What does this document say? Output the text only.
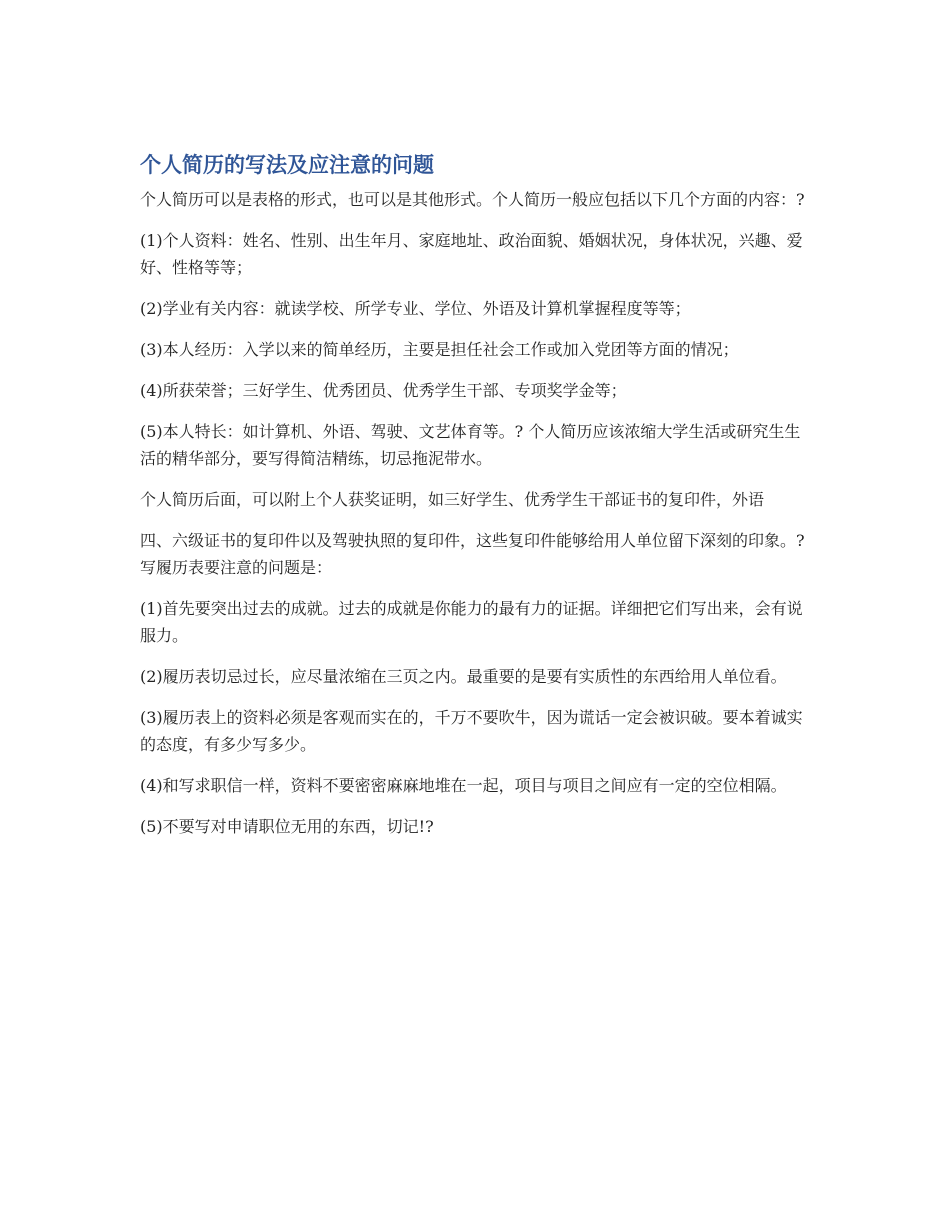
个人简历的写法及应注意的问题

个人简历可以是表格的形式，也可以是其他形式。个人简历一般应包括以下几个方面的内容：?

(1)个人资料：姓名、性别、出生年月、家庭地址、政治面貌、婚姻状况，身体状况，兴趣、爱好、性格等等；

(2)学业有关内容：就读学校、所学专业、学位、外语及计算机掌握程度等等；

(3)本人经历：入学以来的简单经历，主要是担任社会工作或加入党团等方面的情况；

(4)所获荣誉；三好学生、优秀团员、优秀学生干部、专项奖学金等；

(5)本人特长：如计算机、外语、驾驶、文艺体育等。? 个人简历应该浓缩大学生活或研究生生活的精华部分，要写得简洁精练，切忌拖泥带水。

个人简历后面，可以附上个人获奖证明，如三好学生、优秀学生干部证书的复印件，外语

四、六级证书的复印件以及驾驶执照的复印件，这些复印件能够给用人单位留下深刻的印象。? 写履历表要注意的问题是：

(1)首先要突出过去的成就。过去的成就是你能力的最有力的证据。详细把它们写出来，会有说服力。

(2)履历表切忌过长，应尽量浓缩在三页之内。最重要的是要有实质性的东西给用人单位看。

(3)履历表上的资料必须是客观而实在的，千万不要吹牛，因为谎话一定会被识破。要本着诚实的态度，有多少写多少。

(4)和写求职信一样，资料不要密密麻麻地堆在一起，项目与项目之间应有一定的空位相隔。

(5)不要写对申请职位无用的东西，切记!?
